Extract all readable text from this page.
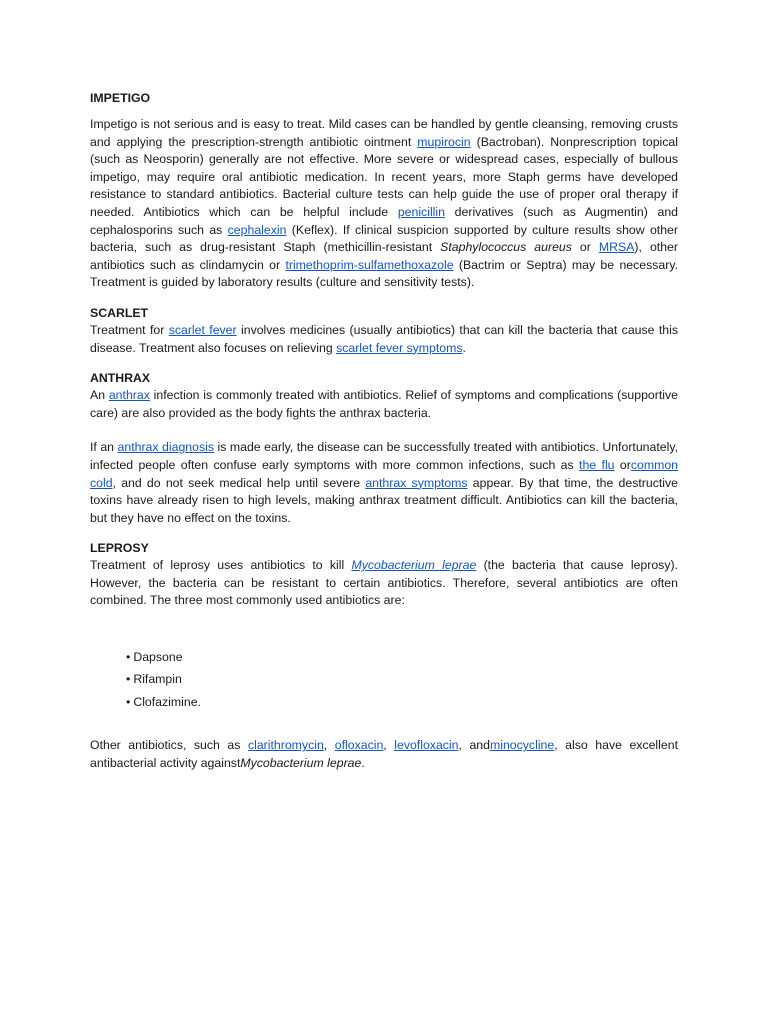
IMPETIGO

Impetigo is not serious and is easy to treat. Mild cases can be handled by gentle cleansing, removing crusts and applying the prescription-strength antibiotic ointment mupirocin (Bactroban). Nonprescription topical (such as Neosporin) generally are not effective. More severe or widespread cases, especially of bullous impetigo, may require oral antibiotic medication. In recent years, more Staph germs have developed resistance to standard antibiotics. Bacterial culture tests can help guide the use of proper oral therapy if needed. Antibiotics which can be helpful include penicillin derivatives (such as Augmentin) and cephalosporins such as cephalexin (Keflex). If clinical suspicion supported by culture results show other bacteria, such as drug-resistant Staph (methicillin-resistant Staphylococcus aureus or MRSA), other antibiotics such as clindamycin or trimethoprim-sulfamethoxazole (Bactrim or Septra) may be necessary. Treatment is guided by laboratory results (culture and sensitivity tests).

SCARLET

Treatment for scarlet fever involves medicines (usually antibiotics) that can kill the bacteria that cause this disease. Treatment also focuses on relieving scarlet fever symptoms.

ANTHRAX

An anthrax infection is commonly treated with antibiotics. Relief of symptoms and complications (supportive care) are also provided as the body fights the anthrax bacteria.

If an anthrax diagnosis is made early, the disease can be successfully treated with antibiotics. Unfortunately, infected people often confuse early symptoms with more common infections, such as the flu orcommon cold, and do not seek medical help until severe anthrax symptoms appear. By that time, the destructive toxins have already risen to high levels, making anthrax treatment difficult. Antibiotics can kill the bacteria, but they have no effect on the toxins.

LEPROSY

Treatment of leprosy uses antibiotics to kill Mycobacterium leprae (the bacteria that cause leprosy). However, the bacteria can be resistant to certain antibiotics. Therefore, several antibiotics are often combined. The three most commonly used antibiotics are:

• Dapsone
• Rifampin
• Clofazimine.

Other antibiotics, such as clarithromycin, ofloxacin, levofloxacin, andminocycline, also have excellent antibacterial activity againstMycobacterium leprae.
